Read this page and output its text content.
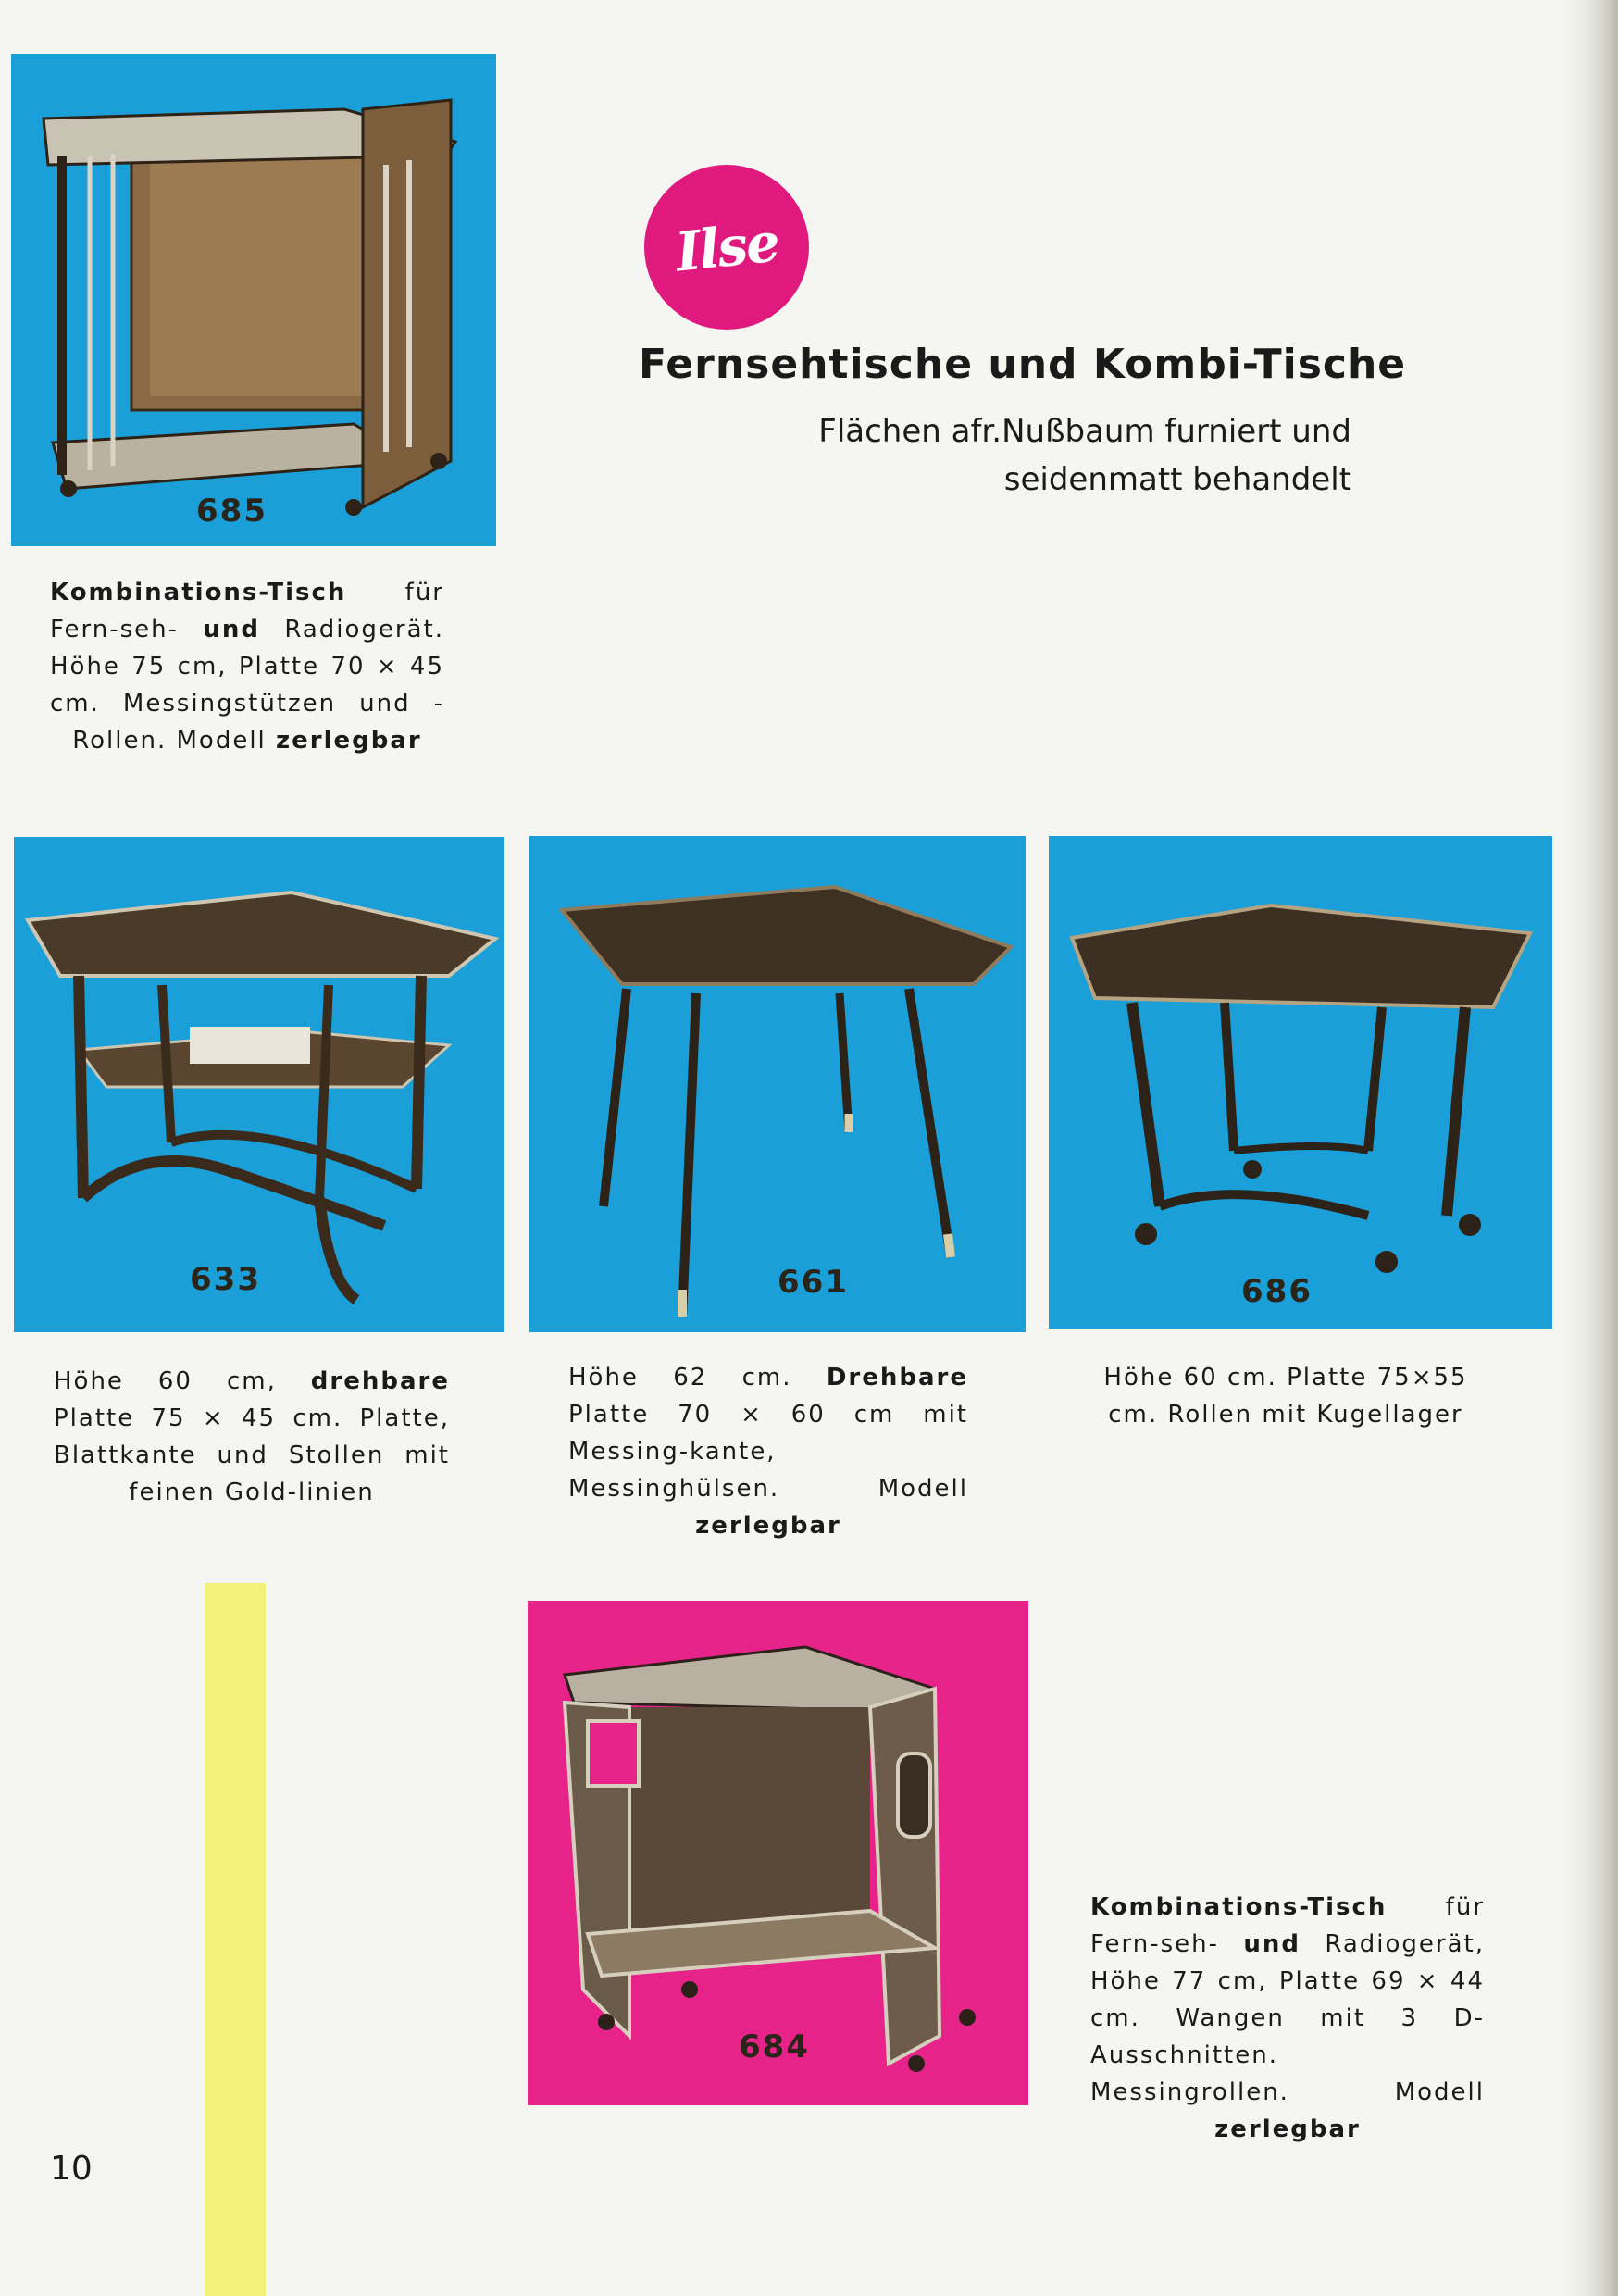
685
Kombinations-Tisch für Fern-seh- und Radiogerät. Höhe 75 cm, Platte 70 × 45 cm. Messingstützen und -Rollen. Modell zerlegbar
Ilse
Fernsehtische und Kombi-Tische
Flächen afr.Nußbaum furniert und seidenmatt behandelt
633	661	686
Höhe 60 cm, drehbare Platte 75 × 45 cm. Platte, Blattkante und Stollen mit feinen Gold-linien
Höhe 62 cm. Drehbare Platte 70 × 60 cm mit Messing-kante, Messinghülsen. Modell zerlegbar
Höhe 60 cm. Platte 75×55 cm. Rollen mit Kugellager
684
Kombinations-Tisch für Fern-seh- und Radiogerät, Höhe 77 cm, Platte 69 × 44 cm. Wangen mit 3 D-Ausschnitten. Messingrollen. Modell zerlegbar
10
